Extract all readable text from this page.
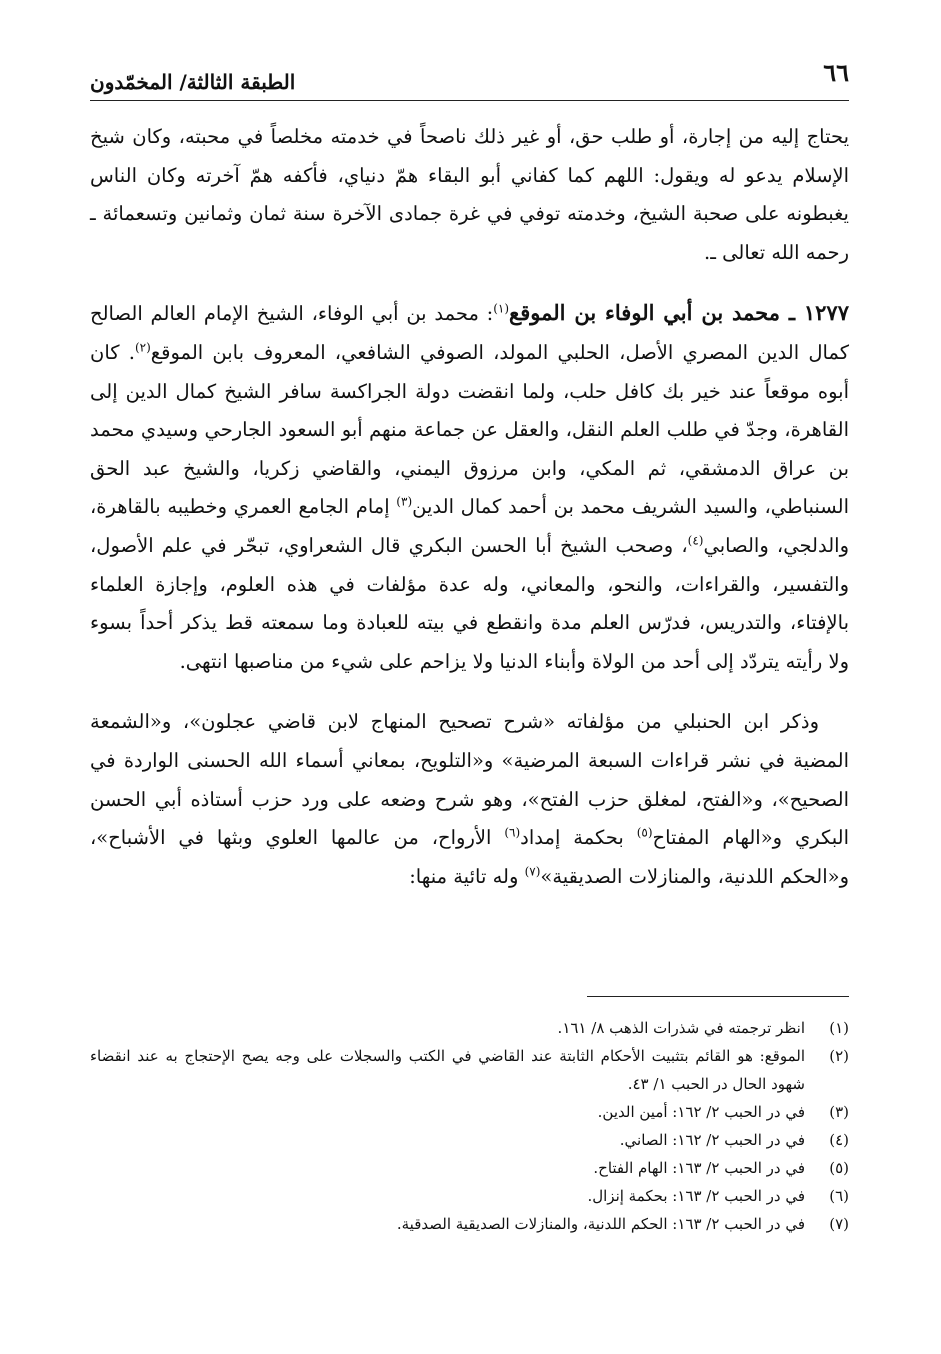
٦٦
الطبقة الثالثة/ المخمّدون

يحتاج إليه من إجارة، أو طلب حق، أو غير ذلك ناصحاً في خدمته مخلصاً في محبته، وكان شيخ الإسلام يدعو له ويقول: اللهم كما كفاني أبو البقاء همّ دنياي، فأكفه همّ آخرته وكان الناس يغبطونه على صحبة الشيخ، وخدمته توفي في غرة جمادى الآخرة سنة ثمان وثمانين وتسعمائة ـ رحمه الله تعالى ـ.

١٢٧٧ ـ محمد بن أبي الوفاء بن الموقع$^{(١)}$: محمد بن أبي الوفاء، الشيخ الإمام العالم الصالح كمال الدين المصري الأصل، الحلبي المولد، الصوفي الشافعي، المعروف بابن الموقع$^{(٢)}$. كان أبوه موقعاً عند خير بك كافل حلب، ولما انقضت دولة الجراكسة سافر الشيخ كمال الدين إلى القاهرة، وجدّ في طلب العلم النقل، والعقل عن جماعة منهم أبو السعود الجارحي وسيدي محمد بن عراق الدمشقي، ثم المكي، وابن مرزوق اليمني، والقاضي زكريا، والشيخ عبد الحق السنباطي، والسيد الشريف محمد بن أحمد كمال الدين$^{(٣)}$ إمام الجامع العمري وخطيبه بالقاهرة، والدلجي، والصابي$^{(٤)}$، وصحب الشيخ أبا الحسن البكري قال الشعراوي، تبحّر في علم الأصول، والتفسير، والقراءات، والنحو، والمعاني، وله عدة مؤلفات في هذه العلوم، وإجازة العلماء بالإفتاء، والتدريس، فدرّس العلم مدة وانقطع في بيته للعبادة وما سمعته قط يذكر أحداً بسوء ولا رأيته يتردّد إلى أحد من الولاة وأبناء الدنيا ولا يزاحم على شيء من مناصبها انتهى.

وذكر ابن الحنبلي من مؤلفاته «شرح تصحيح المنهاج لابن قاضي عجلون»، و«الشمعة المضية في نشر قراءات السبعة المرضية» و«التلويح، بمعاني أسماء الله الحسنى الواردة في الصحيح»، و«الفتح، لمغلق حزب الفتح»، وهو شرح وضعه على ورد حزب أستاذه أبي الحسن البكري و«الهام المفتاح$^{(٥)}$ بحكمة إمداد$^{(٦)}$ الأرواح، من عالمها العلوي وبثها في الأشباح»، و«الحكم اللدنية، والمنازلات الصديقية»$^{(٧)}$ وله تائية منها:

(١)
انظر ترجمته في شذرات الذهب ٨/ ١٦١.
(٢)
الموقع: هو القائم بتثبيت الأحكام الثابتة عند القاضي في الكتب والسجلات على وجه يصح الإحتجاج به عند انقضاء شهود الحال در الحبب ١/ ٤٣.
(٣)
في در الحبب ٢/ ١٦٢: أمين الدين.
(٤)
في در الحبب ٢/ ١٦٢: الصاني.
(٥)
في در الحبب ٢/ ١٦٣: الهام الفتاح.
(٦)
في در الحبب ٢/ ١٦٣: بحكمة إنزال.
(٧)
في در الحبب ٢/ ١٦٣: الحكم اللدنية، والمنازلات الصديقية الصدقية.
